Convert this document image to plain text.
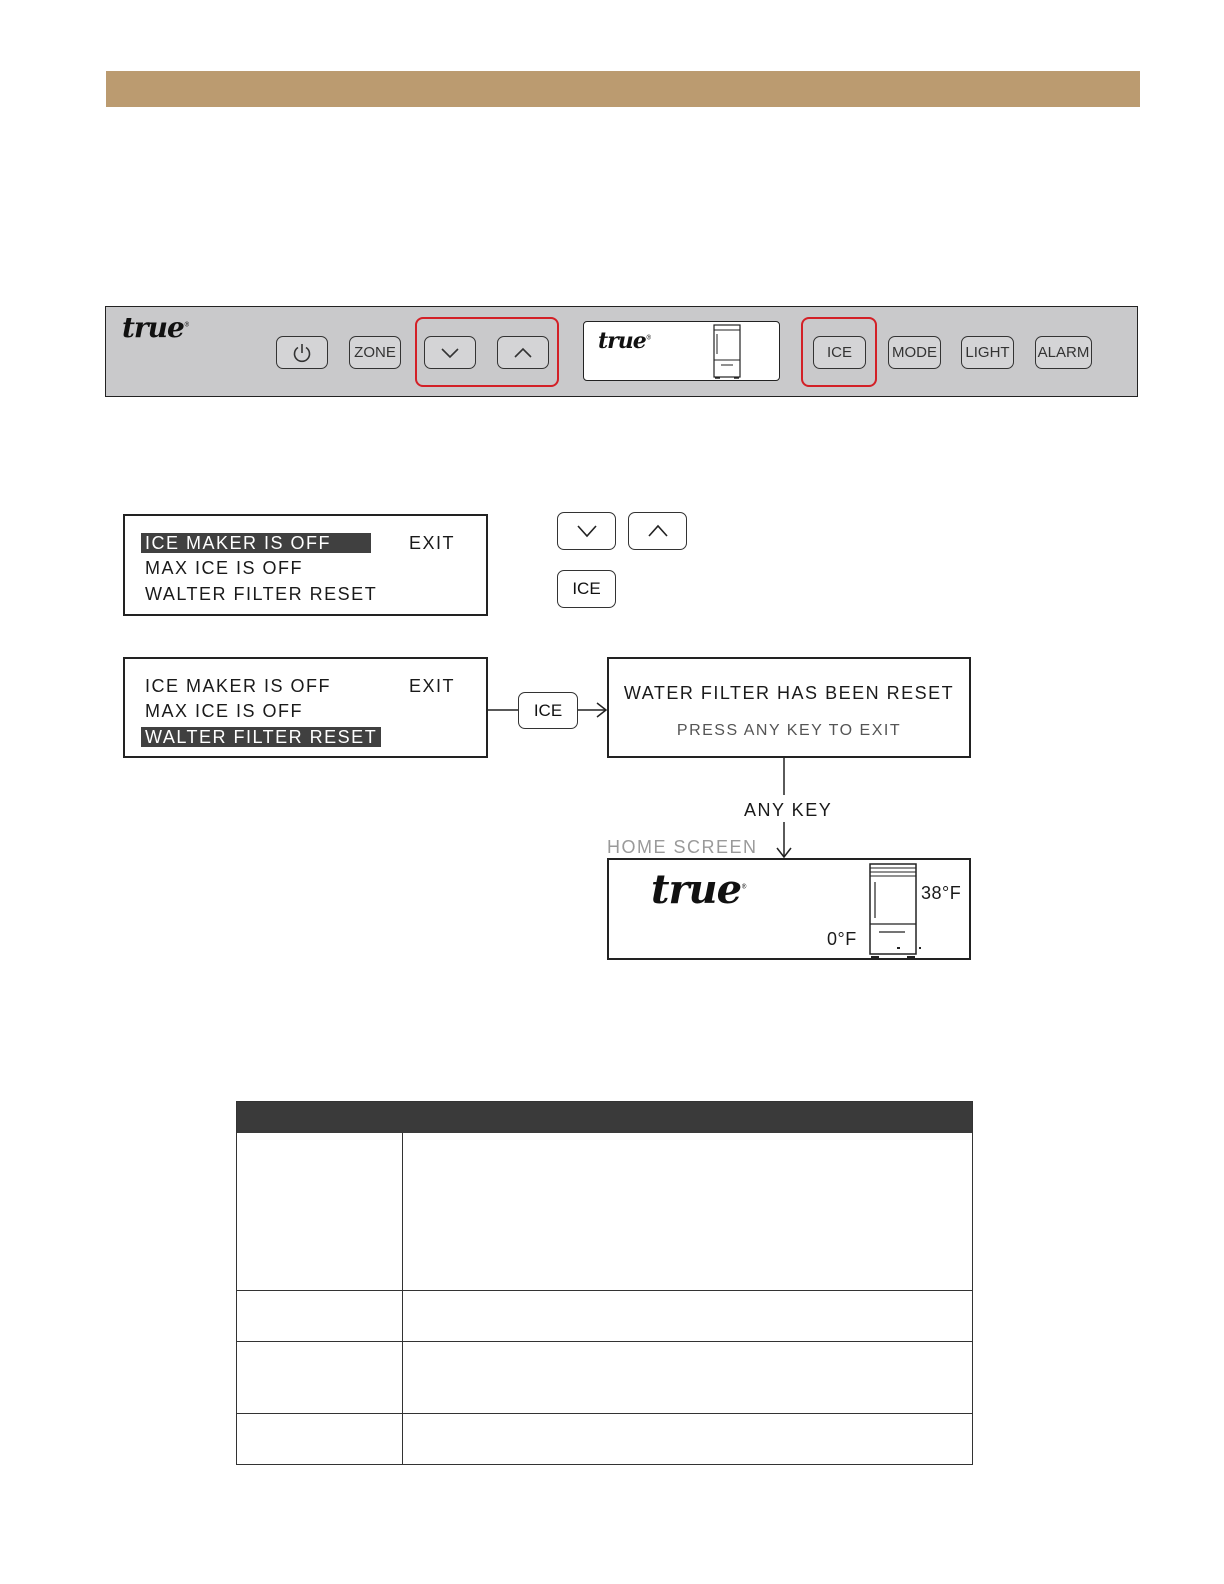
true®
ZONE	true®
ICE	MODE LIGHT ALARM
ICE MAKER IS OFF	EXIT
MAX ICE IS OFF
WALTER FILTER RESET	ICE
ICE MAKER IS OFF	EXIT
MAX ICE IS OFF
WALTER FILTER RESET
ICE
WATER FILTER HAS BEEN RESET
PRESS ANY KEY TO EXIT
ANY KEY
HOME SCREEN
true®	38°F
0°F
